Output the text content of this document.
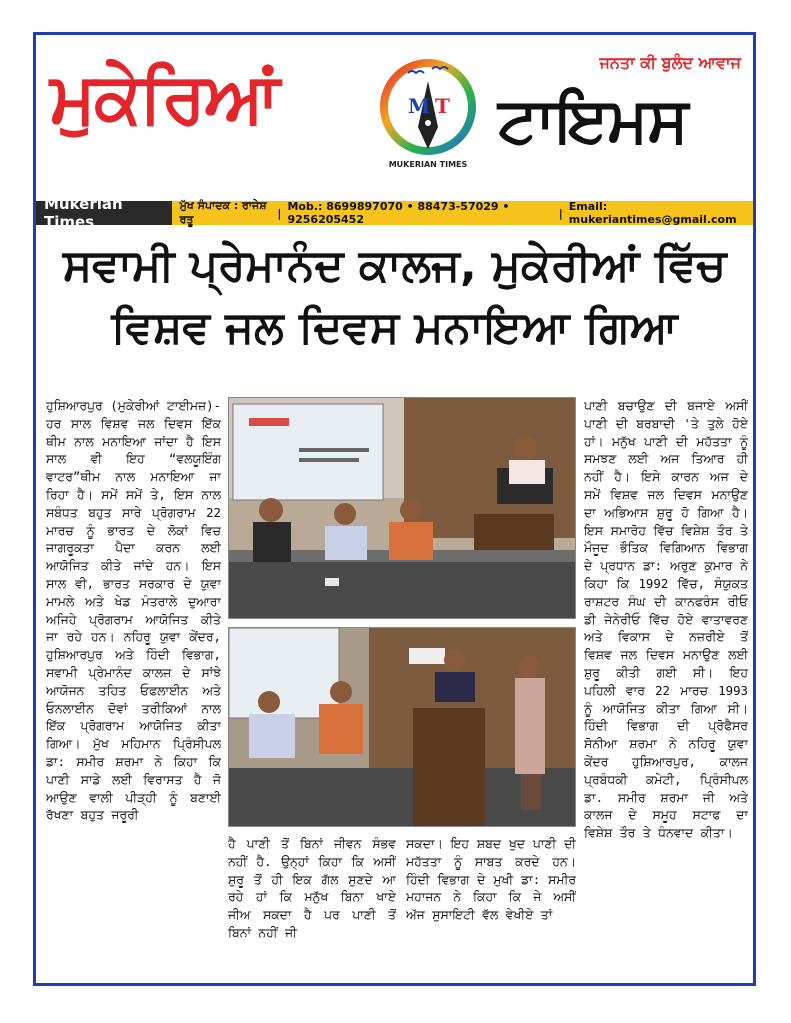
ਮੁਕੇਰਿਆਂ	ਜਨਤਾ ਕੀ ਬੁਲੰਦ ਆਵਾਜ
M T
MUKERIAN TIMES
ਟਾਇਮਸ
Mukerian Times
ਮੁੱਖ ਸੰਪਾਦਕ : ਰਾਜੇਸ਼ ਰਤੂ	| Mob.: 8699897070 • 88473-57029 • 9256205452	| Email: mukeriantimes@gmail.com
ਸਵਾਮੀ ਪ੍ਰੇਮਾਨੰਦ ਕਾਲਜ, ਮੁਕੇਰੀਆਂ ਵਿੱਚ
ਵਿਸ਼ਵ ਜਲ ਦਿਵਸ ਮਨਾਇਆ ਗਿਆ
ਹੁਸ਼ਿਆਰਪੁਰ (ਮੁਕੇਰੀਆਂ ਟਾਈਮਜ਼)- ਹਰ ਸਾਲ ਵਿਸ਼ਵ ਜਲ ਦਿਵਸ ਇੱਕ ਥੀਮ ਨਾਲ ਮਨਾਇਆ ਜਾਂਦਾ ਹੈ ਇਸ ਸਾਲ ਵੀ ਇਹ “ਵਲਯੂਇੰਗ ਵਾਟਰ”ਥੀਮ ਨਾਲ ਮਨਾਇਆ ਜਾ ਰਿਹਾ ਹੈ। ਸਮੇਂ ਸਮੇਂ ਤੇ, ਇਸ ਨਾਲ ਸਬੰਧਤ ਬਹੁਤ ਸਾਰੇ ਪ੍ਰੋਗਰਾਮ 22 ਮਾਰਚ ਨੂੰ ਭਾਰਤ ਦੇ ਲੋਕਾਂ ਵਿਚ ਜਾਗਰੂਕਤਾ ਪੈਦਾ ਕਰਨ ਲਈ ਆਯੋਜਿਤ ਕੀਤੇ ਜਾਂਦੇ ਹਨ। ਇਸ ਸਾਲ ਵੀ, ਭਾਰਤ ਸਰਕਾਰ ਦੇ ਯੁਵਾ ਮਾਮਲੇ ਅਤੇ ਖੇਡ ਮੰਤਰਾਲੇ ਦੁਆਰਾ ਅਜਿਹੇ ਪ੍ਰੋਗਰਾਮ ਆਯੋਜਿਤ ਕੀਤੇ ਜਾ ਰਹੇ ਹਨ। ਨਹਿਰੂ ਯੁਵਾ ਕੇਂਦਰ, ਹੁਸ਼ਿਆਰਪੁਰ ਅਤੇ ਹਿੰਦੀ ਵਿਭਾਗ, ਸਵਾਮੀ ਪ੍ਰੇਮਾਨੰਦ ਕਾਲਜ ਦੇ ਸਾਂਝੇ ਆਯੋਜਨ ਤਹਿਤ ਓਫਲਾਈਨ ਅਤੇ ਓਨਲਾਈਨ ਦੋਵਾਂ ਤਰੀਕਿਆਂ ਨਾਲ ਇੱਕ ਪ੍ਰੋਗਰਾਮ ਆਯੋਜਿਤ ਕੀਤਾ ਗਿਆ। ਮੁੱਖ ਮਹਿਮਾਨ ਪ੍ਰਿੰਸੀਪਲ ਡਾ: ਸਮੀਰ ਸ਼ਰਮਾ ਨੇ ਕਿਹਾ ਕਿ ਪਾਣੀ ਸਾਡੇ ਲਈ ਵਿਰਾਸਤ ਹੈ ਜੋ ਆਉਣ ਵਾਲੀ ਪੀੜ੍ਹੀ ਨੂੰ ਬਣਾਈ ਰੱਖਣਾ ਬਹੁਤ ਜਰੂਰੀ
ਹੈ ਪਾਣੀ ਤੋਂ ਬਿਨਾਂ ਜੀਵਨ ਸੰਭਵ ਨਹੀਂ ਹੈ. ਉਨ੍ਹਾਂ ਕਿਹਾ ਕਿ ਅਸੀਂ ਸ਼ੁਰੂ ਤੋਂ ਹੀ ਇਕ ਗੱਲ ਸੁਣਦੇ ਆ ਰਹੇ ਹਾਂ ਕਿ ਮਨੁੱਖ ਬਿਨਾ ਖਾਏ ਜੀਅ ਸਕਦਾ ਹੈ ਪਰ ਪਾਣੀ ਤੋਂ ਬਿਨਾਂ ਨਹੀਂ ਜੀ
ਸਕਦਾ। ਇਹ ਸ਼ਬਦ ਖੁਦ ਪਾਣੀ ਦੀ ਮਹੱਤਤਾ ਨੂੰ ਸਾਬਤ ਕਰਦੇ ਹਨ। ਹਿੰਦੀ ਵਿਭਾਗ ਦੇ ਮੁਖੀ ਡਾ: ਸਮੀਰ ਮਹਾਜਨ ਨੇ ਕਿਹਾ ਕਿ ਜੇ ਅਸੀਂ ਅੱਜ ਸੁਸਾਇਟੀ ਵੱਲ ਵੇਖੀਏ ਤਾਂ
ਪਾਣੀ ਬਚਾਉਣ ਦੀ ਬਜਾਏ ਅਸੀਂ ਪਾਣੀ ਦੀ ਬਰਬਾਦੀ 'ਤੇ ਤੁਲੇ ਹੋਏ ਹਾਂ। ਮਨੁੱਖ ਪਾਣੀ ਦੀ ਮਹੱਤਤਾ ਨੂੰ ਸਮਝਣ ਲਈ ਅਜ ਤਿਆਰ ਹੀ ਨਹੀਂ ਹੈ। ਇਸੇ ਕਾਰਨ ਅਜ ਦੇ ਸਮੇਂ ਵਿਸ਼ਵ ਜਲ ਦਿਵਸ ਮਨਾਉਣ ਦਾ ਅਭਿਆਸ ਸ਼ੁਰੂ ਹੋ ਗਿਆ ਹੈ। ਇਸ ਸਮਾਰੋਹ ਵਿੱਚ ਵਿਸ਼ੇਸ਼ ਤੌਰ ਤੇ ਮੌਜੂਦ ਭੌਤਿਕ ਵਿਗਿਆਨ ਵਿਭਾਗ ਦੇ ਪ੍ਰਧਾਨ ਡਾ: ਅਰੁਣ ਕੁਮਾਰ ਨੇ ਕਿਹਾ ਕਿ 1992 ਵਿੱਚ, ਸੰਯੁਕਤ ਰਾਸ਼ਟਰ ਸੰਘ ਦੀ ਕਾਨਫਰੰਸ ਰੀਓ ਡੀ ਜੇਨੇਰੀਓ ਵਿੱਚ ਹੋਏ ਵਾਤਾਵਰਣ ਅਤੇ ਵਿਕਾਸ ਦੇ ਨਜ਼ਰੀਏ ਤੋਂ ਵਿਸ਼ਵ ਜਲ ਦਿਵਸ ਮਨਾਉਣ ਲਈ ਸ਼ੁਰੂ ਕੀਤੀ ਗਈ ਸੀ। ਇਹ ਪਹਿਲੀ ਵਾਰ 22 ਮਾਰਚ 1993 ਨੂੰ ਆਯੋਜਿਤ ਕੀਤਾ ਗਿਆ ਸੀ। ਹਿੰਦੀ ਵਿਭਾਗ ਦੀ ਪ੍ਰੋਫੈਸਰ ਸੋਨੀਆ ਸ਼ਰਮਾ ਨੇ ਨਹਿਰੂ ਯੁਵਾ ਕੇਂਦਰ ਹੁਸ਼ਿਆਰਪੁਰ, ਕਾਲਜ ਪ੍ਰਬੰਧਕੀ ਕਮੇਟੀ, ਪ੍ਰਿੰਸੀਪਲ ਡਾ. ਸਮੀਰ ਸ਼ਰਮਾ ਜੀ ਅਤੇ ਕਾਲਜ ਦੇ ਸਮੂਹ ਸਟਾਫ ਦਾ ਵਿਸ਼ੇਸ਼ ਤੌਰ ਤੇ ਧੰਨਵਾਦ ਕੀਤਾ।
